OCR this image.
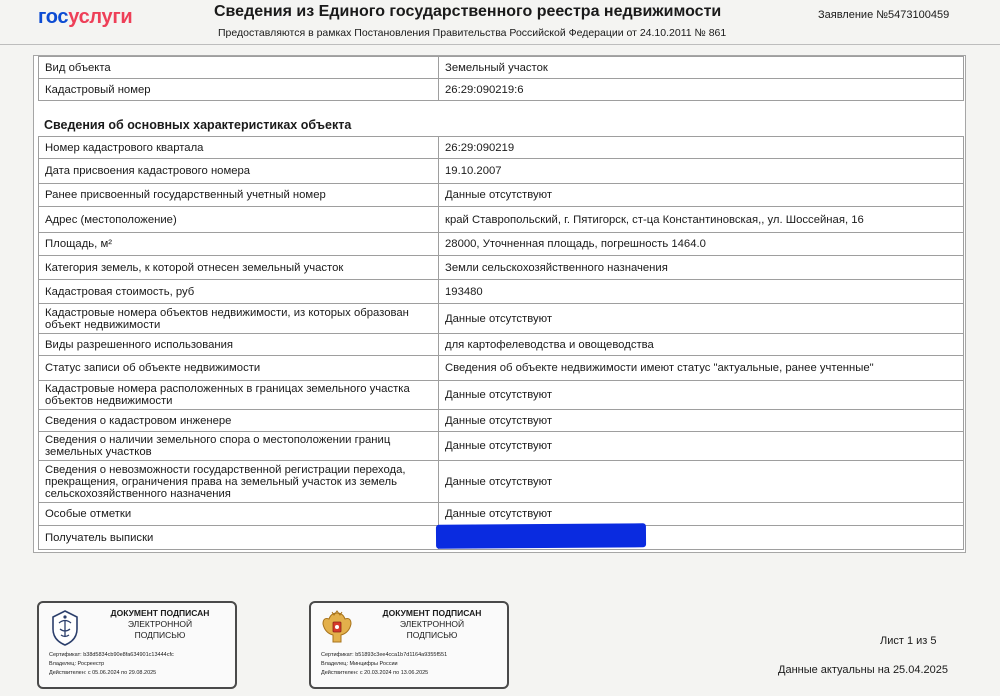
госуслуги	Сведения из Единого государственного реестра недвижимости
Предоставляются в рамках Постановления Правительства Российской Федерации от 24.10.2011 № 861
Заявление №5473100459
Вид объекта	Земельный участок
Кадастровый номер	26:29:090219:6
Сведения об основных характеристиках объекта
Номер кадастрового квартала	26:29:090219
Дата присвоения кадастрового номера	19.10.2007
Ранее присвоенный государственный учетный номер	Данные отсутствуют
Адрес (местоположение)	край Ставропольский, г. Пятигорск, ст-ца Константиновская,, ул. Шоссейная, 16
Площадь, м²	28000, Уточненная площадь, погрешность 1464.0
Категория земель, к которой отнесен земельный участок	Земли сельскохозяйственного назначения
Кадастровая стоимость, руб	193480
Кадастровые номера объектов недвижимости, из которых образован объект недвижимости	Данные отсутствуют
Виды разрешенного использования	для картофелеводства и овощеводства
Статус записи об объекте недвижимости	Сведения об объекте недвижимости имеют статус "актуальные, ранее учтенные"
Кадастровые номера расположенных в границах земельного участка объектов недвижимости	Данные отсутствуют
Сведения о кадастровом инженере	Данные отсутствуют
Сведения о наличии земельного спора о местоположении границ земельных участков	Данные отсутствуют
Сведения о невозможности государственной регистрации перехода, прекращения, ограничения права на земельный участок из земель сельскохозяйственного назначения	Данные отсутствуют
Особые отметки	Данные отсутствуют
Получатель выписки	
ДОКУМЕНТ ПОДПИСАН
ЭЛЕКТРОННОЙ
ПОДПИСЬЮ
Сертификат: b38d5834cb90e8fa634901c13444cfc
Владелец: Росреестр
Действителен: с 05.06.2024 по 29.08.2025
ДОКУМЕНТ ПОДПИСАН
ЭЛЕКТРОННОЙ
ПОДПИСЬЮ
Сертификат: b51893c3ee4cca1b7d1164a9355f551
Владелец: Минцифры России
Действителен: с 20.03.2024 по 13.06.2025
Лист 1 из 5
Данные актуальны на 25.04.2025
